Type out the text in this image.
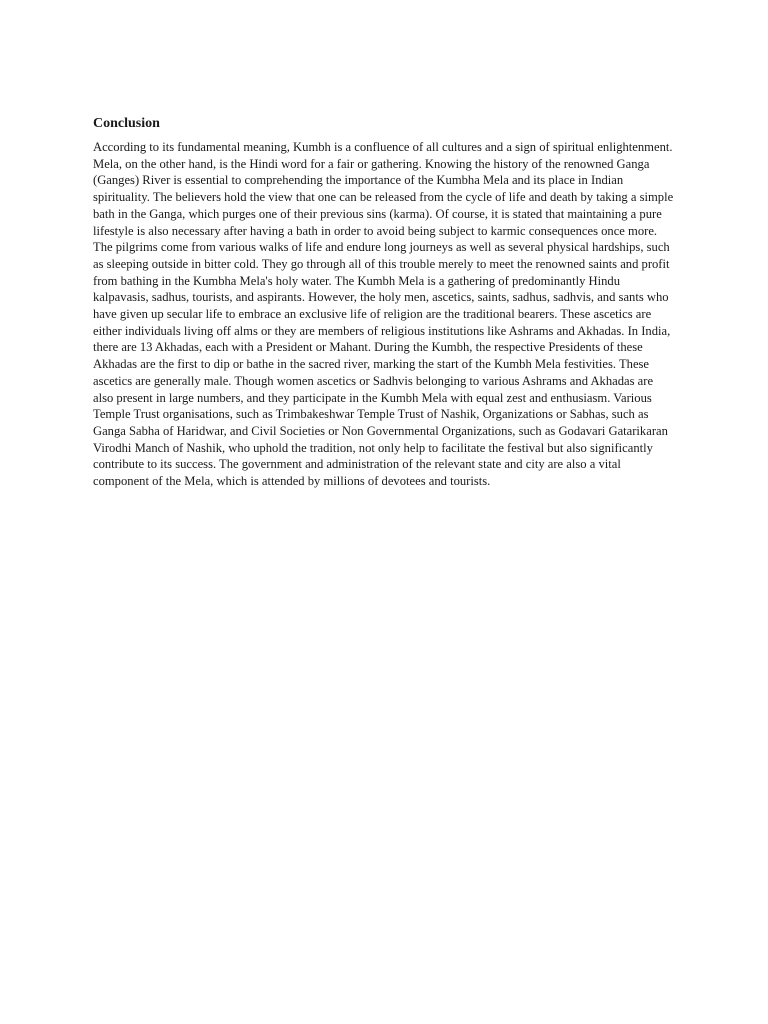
Conclusion

According to its fundamental meaning, Kumbh is a confluence of all cultures and a sign of spiritual enlightenment. Mela, on the other hand, is the Hindi word for a fair or gathering. Knowing the history of the renowned Ganga (Ganges) River is essential to comprehending the importance of the Kumbha Mela and its place in Indian spirituality. The believers hold the view that one can be released from the cycle of life and death by taking a simple bath in the Ganga, which purges one of their previous sins (karma). Of course, it is stated that maintaining a pure lifestyle is also necessary after having a bath in order to avoid being subject to karmic consequences once more. The pilgrims come from various walks of life and endure long journeys as well as several physical hardships, such as sleeping outside in bitter cold. They go through all of this trouble merely to meet the renowned saints and profit from bathing in the Kumbha Mela's holy water. The Kumbh Mela is a gathering of predominantly Hindu kalpavasis, sadhus, tourists, and aspirants. However, the holy men, ascetics, saints, sadhus, sadhvis, and sants who have given up secular life to embrace an exclusive life of religion are the traditional bearers. These ascetics are either individuals living off alms or they are members of religious institutions like Ashrams and Akhadas. In India, there are 13 Akhadas, each with a President or Mahant. During the Kumbh, the respective Presidents of these Akhadas are the first to dip or bathe in the sacred river, marking the start of the Kumbh Mela festivities. These ascetics are generally male. Though women ascetics or Sadhvis belonging to various Ashrams and Akhadas are also present in large numbers, and they participate in the Kumbh Mela with equal zest and enthusiasm. Various Temple Trust organisations, such as Trimbakeshwar Temple Trust of Nashik, Organizations or Sabhas, such as Ganga Sabha of Haridwar, and Civil Societies or Non Governmental Organizations, such as Godavari Gatarikaran Virodhi Manch of Nashik, who uphold the tradition, not only help to facilitate the festival but also significantly contribute to its success. The government and administration of the relevant state and city are also a vital component of the Mela, which is attended by millions of devotees and tourists.
